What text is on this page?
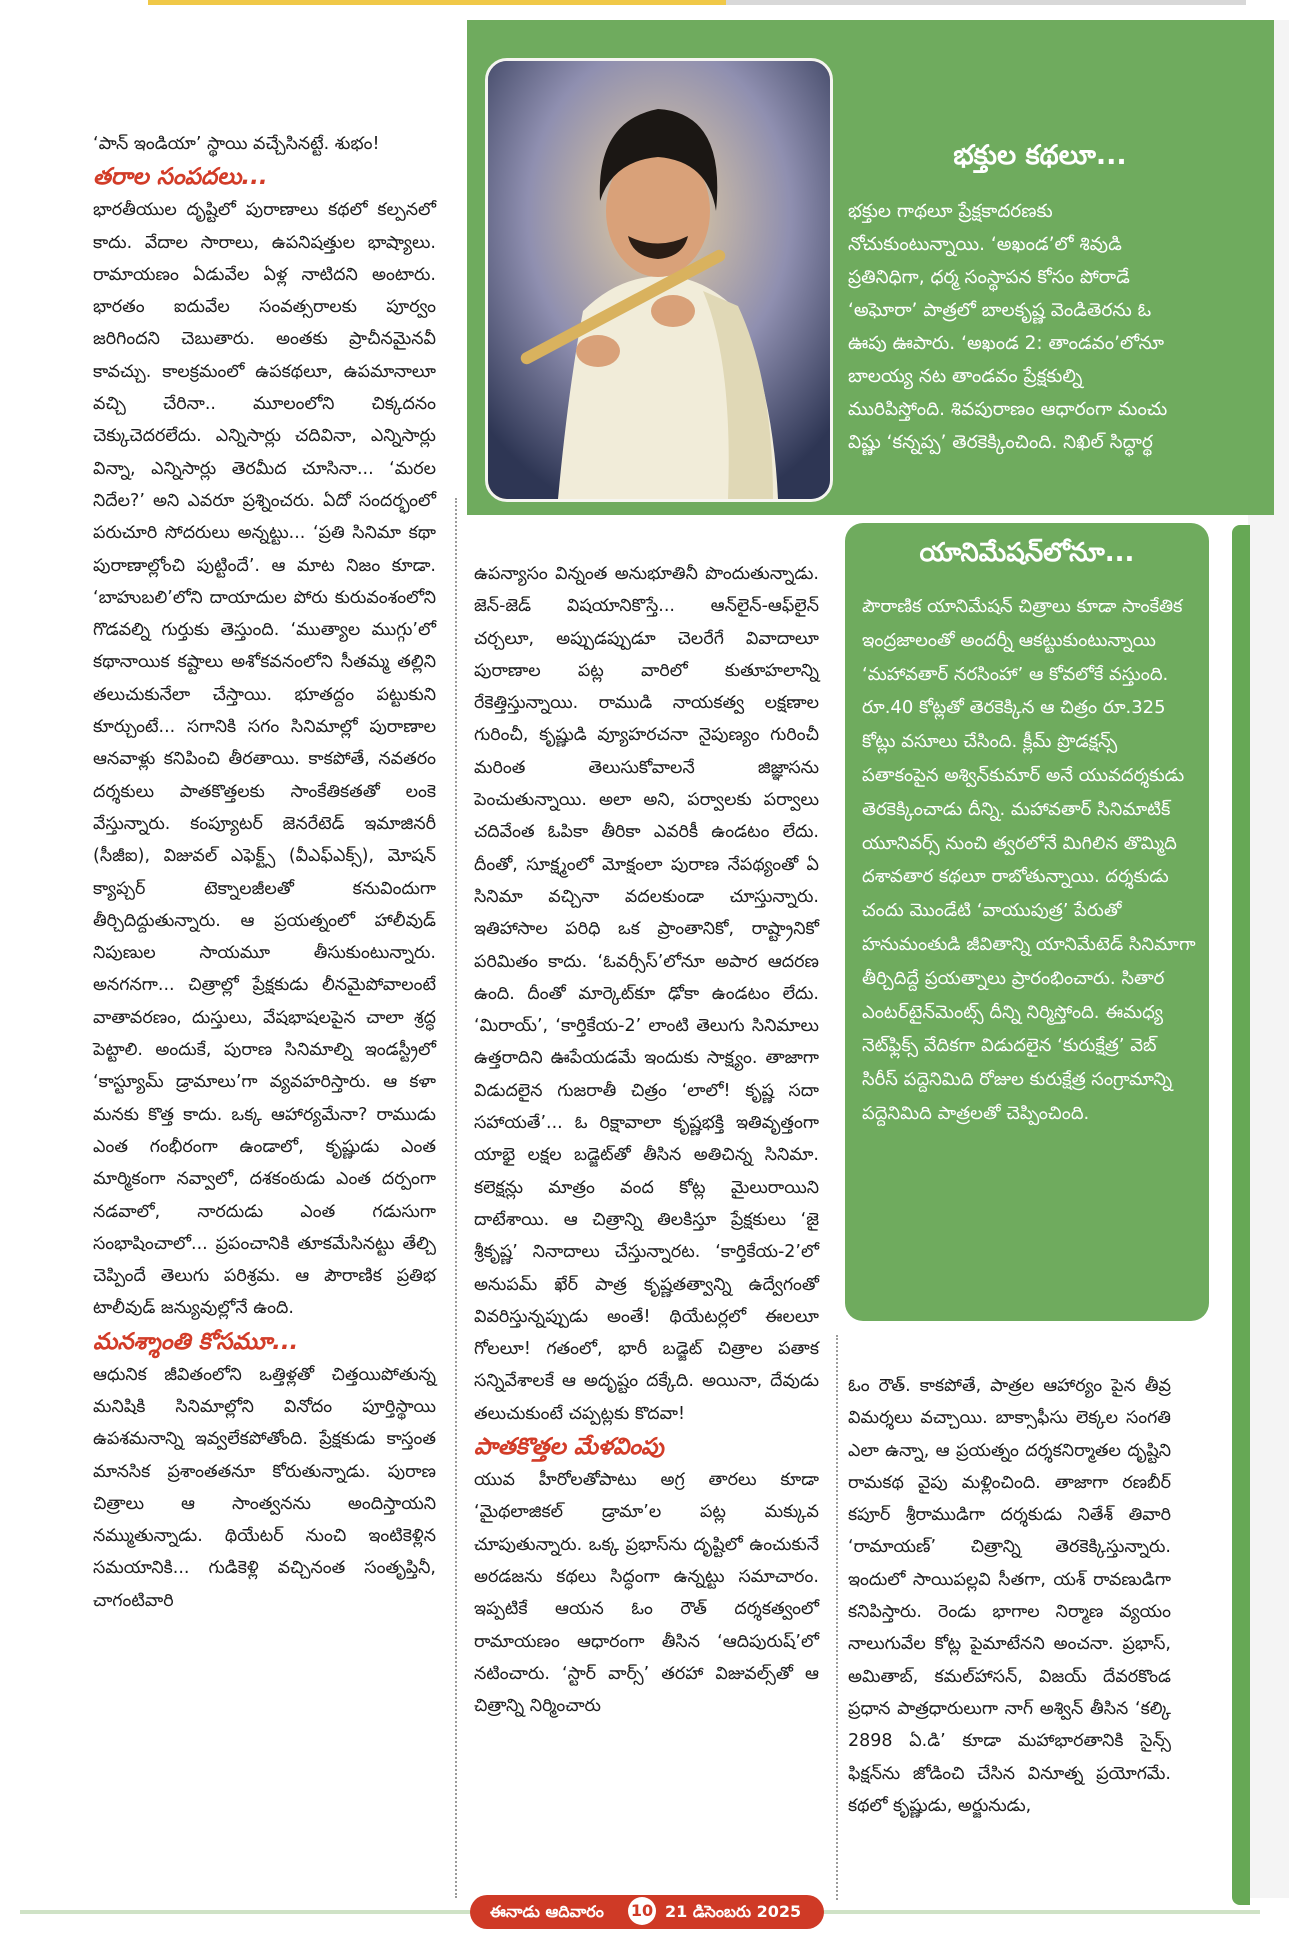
భక్తుల కథలూ...
భక్తుల గాథలూ ప్రేక్షకాదరణకు నోచుకుంటున్నాయి. ‘అఖండ’లో శివుడి ప్రతినిధిగా, ధర్మ సంస్థాపన కోసం పోరాడే ‘అఘోరా’ పాత్రలో బాలకృష్ణ వెండితెరను ఓ ఊపు ఊపారు. ‘అఖండ 2: తాండవం’లోనూ బాలయ్య నట తాండవం ప్రేక్షకుల్ని మురిపిస్తోంది. శివపురాణం ఆధారంగా మంచు విష్ణు ‘కన్నప్ప’ తెరకెక్కించింది. నిఖిల్ సిద్ధార్థ
యానిమేషన్‌లోనూ...
పౌరాణిక యానిమేషన్ చిత్రాలు కూడా సాంకేతిక ఇంద్రజాలంతో అందర్నీ ఆకట్టుకుంటున్నాయి ‘మహావతార్ నరసింహా’ ఆ కోవలోకే వస్తుంది. రూ.40 కోట్లతో తెరకెక్కిన ఆ చిత్రం రూ.325 కోట్లు వసూలు చేసింది. క్లీమ్ ప్రొడక్షన్స్ పతాకంపైన అశ్విన్‌కుమార్ అనే యువదర్శకుడు తెరకెక్కించాడు దీన్ని. మహావతార్ సినిమాటిక్ యూనివర్స్ నుంచి త్వరలోనే మిగిలిన తొమ్మిది దశావతార కథలూ రాబోతున్నాయి. దర్శకుడు చందు మొండేటి ‘వాయుపుత్ర’ పేరుతో హనుమంతుడి జీవితాన్ని యానిమేటెడ్ సినిమాగా తీర్చిదిద్దే ప్రయత్నాలు ప్రారంభించారు. సితార ఎంటర్‌టైన్‌మెంట్స్ దీన్ని నిర్మిస్తోంది. ఈమధ్య నెట్‌ఫ్లిక్స్ వేదికగా విడుదలైన ‘కురుక్షేత్ర’ వెబ్ సిరీస్ పద్దెనిమిది రోజుల కురుక్షేత్ర సంగ్రామాన్ని పద్దెనిమిది పాత్రలతో చెప్పించింది.
‘పాన్ ఇండియా’ స్థాయి వచ్చేసినట్టే. శుభం!
తరాల సంపదలు...
భారతీయుల దృష్టిలో పురాణాలు కథలో కల్పనలో కాదు. వేదాల సారాలు, ఉపనిషత్తుల భాష్యాలు. రామాయణం ఏడువేల ఏళ్ల నాటిదని అంటారు. భారతం ఐదువేల సంవత్సరాలకు పూర్వం జరిగిందని చెబుతారు. అంతకు ప్రాచీనమైనవీ కావచ్చు. కాలక్రమంలో ఉపకథలూ, ఉపమానాలూ వచ్చి చేరినా.. మూలంలోని చిక్కదనం చెక్కుచెదరలేదు. ఎన్నిసార్లు చదివినా, ఎన్నిసార్లు విన్నా, ఎన్నిసార్లు తెరమీద చూసినా... ‘మరల నిదేల?’ అని ఎవరూ ప్రశ్నించరు. ఏదో సందర్భంలో పరుచూరి సోదరులు అన్నట్టు... ‘ప్రతి సినిమా కథా పురాణాల్లోంచి పుట్టిందే’. ఆ మాట నిజం కూడా. ‘బాహుబలి’లోని దాయాదుల పోరు కురువంశంలోని గొడవల్ని గుర్తుకు తెస్తుంది. ‘ముత్యాల ముగ్గు’లో కథానాయిక కష్టాలు అశోకవనంలోని సీతమ్మ తల్లిని తలుచుకునేలా చేస్తాయి. భూతద్దం పట్టుకుని కూర్చుంటే... సగానికి సగం సినిమాల్లో పురాణాల ఆనవాళ్లు కనిపించి తీరతాయి. కాకపోతే, నవతరం దర్శకులు పాతకొత్తలకు సాంకేతికతతో లంకె వేస్తున్నారు. కంప్యూటర్ జెనరేటెడ్ ఇమాజినరీ (సీజీఐ), విజువల్ ఎఫెక్ట్స్ (వీఎఫ్ఎక్స్), మోషన్ క్యాప్చర్ టెక్నాలజీలతో కనువిందుగా తీర్చిదిద్దుతున్నారు. ఆ ప్రయత్నంలో హాలీవుడ్ నిపుణుల సాయమూ తీసుకుంటున్నారు. అనగనగా... చిత్రాల్లో ప్రేక్షకుడు లీనమైపోవాలంటే వాతావరణం, దుస్తులు, వేషభాషలపైన చాలా శ్రద్ధ పెట్టాలి. అందుకే, పురాణ సినిమాల్ని ఇండస్ట్రీలో ‘కాస్ట్యూమ్ డ్రామాలు’గా వ్యవహరిస్తారు. ఆ కళా మనకు కొత్త కాదు. ఒక్క ఆహార్యమేనా? రాముడు ఎంత గంభీరంగా ఉండాలో, కృష్ణుడు ఎంత మార్మికంగా నవ్వాలో, దశకంఠుడు ఎంత దర్పంగా నడవాలో, నారదుడు ఎంత గడుసుగా సంభాషించాలో... ప్రపంచానికి తూకమేసినట్టు తేల్చి చెప్పిందే తెలుగు పరిశ్రమ. ఆ పౌరాణిక ప్రతిభ టాలీవుడ్ జన్యువుల్లోనే ఉంది.
మనశ్శాంతి కోసమూ...
ఆధునిక జీవితంలోని ఒత్తిళ్లతో చిత్తయిపోతున్న మనిషికి సినిమాల్లోని వినోదం పూర్తిస్థాయి ఉపశమనాన్ని ఇవ్వలేకపోతోంది. ప్రేక్షకుడు కాస్తంత మానసిక ప్రశాంతతనూ కోరుతున్నాడు. పురాణ చిత్రాలు ఆ సాంత్వనను అందిస్తాయని నమ్ముతున్నాడు. థియేటర్ నుంచి ఇంటికెళ్లిన సమయానికి... గుడికెళ్లి వచ్చినంత సంతృప్తినీ, చాగంటివారి
ఉపన్యాసం విన్నంత అనుభూతినీ పొందుతున్నాడు. జెన్-జెడ్ విషయానికొస్తే... ఆన్‌లైన్-ఆఫ్‌లైన్ చర్చలూ, అప్పుడప్పుడూ చెలరేగే వివాదాలూ పురాణాల పట్ల వారిలో కుతూహలాన్ని రేకెత్తిస్తున్నాయి. రాముడి నాయకత్వ లక్షణాల గురించీ, కృష్ణుడి వ్యూహరచనా నైపుణ్యం గురించీ మరింత తెలుసుకోవాలనే జిజ్ఞాసను పెంచుతున్నాయి. అలా అని, పర్వాలకు పర్వాలు చదివేంత ఓపికా తీరికా ఎవరికీ ఉండటం లేదు. దీంతో, సూక్ష్మంలో మోక్షంలా పురాణ నేపథ్యంతో ఏ సినిమా వచ్చినా వదలకుండా చూస్తున్నారు. ఇతిహాసాల పరిధి ఒక ప్రాంతానికో, రాష్ట్రానికో పరిమితం కాదు. ‘ఓవర్సీస్’లోనూ అపార ఆదరణ ఉంది. దీంతో మార్కెట్‌కూ ఢోకా ఉండటం లేదు. ‘మిరాయ్’, ‘కార్తికేయ-2’ లాంటి తెలుగు సినిమాలు ఉత్తరాదిని ఊపేయడమే ఇందుకు సాక్ష్యం. తాజాగా విడుదలైన గుజరాతీ చిత్రం ‘లాలో! కృష్ణ సదా సహాయతే’... ఓ రిక్షావాలా కృష్ణభక్తి ఇతివృత్తంగా యాభై లక్షల బడ్జెట్‌తో తీసిన అతిచిన్న సినిమా. కలెక్షన్లు మాత్రం వంద కోట్ల మైలురాయిని దాటేశాయి. ఆ చిత్రాన్ని తిలకిస్తూ ప్రేక్షకులు ‘జై శ్రీకృష్ణ’ నినాదాలు చేస్తున్నారట. ‘కార్తికేయ-2’లో అనుపమ్ ఖేర్ పాత్ర కృష్ణతత్వాన్ని ఉద్వేగంతో వివరిస్తున్నప్పుడు అంతే! థియేటర్లలో ఈలలూ గోలలూ! గతంలో, భారీ బడ్జెట్ చిత్రాల పతాక సన్నివేశాలకే ఆ అదృష్టం దక్కేది. అయినా, దేవుడు తలుచుకుంటే చప్పట్లకు కొదవా!
పాతకొత్తల మేళవింపు
యువ హీరోలతోపాటు అగ్ర తారలు కూడా ‘మైథలాజికల్ డ్రామా’ల పట్ల మక్కువ చూపుతున్నారు. ఒక్క ప్రభాస్‌ను దృష్టిలో ఉంచుకునే అరడజను కథలు సిద్ధంగా ఉన్నట్టు సమాచారం. ఇప్పటికే ఆయన ఓం రౌత్ దర్శకత్వంలో రామాయణం ఆధారంగా తీసిన ‘ఆదిపురుష్’లో నటించారు. ‘స్టార్ వార్స్’ తరహా విజువల్స్‌తో ఆ చిత్రాన్ని నిర్మించారు
ఓం రౌత్. కాకపోతే, పాత్రల ఆహార్యం పైన తీవ్ర విమర్శలు వచ్చాయి. బాక్సాఫీసు లెక్కల సంగతి ఎలా ఉన్నా, ఆ ప్రయత్నం దర్శకనిర్మాతల దృష్టిని రామకథ వైపు మళ్లించింది. తాజాగా రణబీర్ కపూర్ శ్రీరాముడిగా దర్శకుడు నితేశ్ తివారి ‘రామాయణ్’ చిత్రాన్ని తెరకెక్కిస్తున్నారు. ఇందులో సాయిపల్లవి సీతగా, యశ్ రావణుడిగా కనిపిస్తారు. రెండు భాగాల నిర్మాణ వ్యయం నాలుగువేల కోట్ల పైమాటేనని అంచనా. ప్రభాస్, అమితాబ్, కమల్‌హాసన్, విజయ్ దేవరకొండ ప్రధాన పాత్రధారులుగా నాగ్ అశ్విన్ తీసిన ‘కల్కి 2898 ఏ.డి’ కూడా మహాభారతానికి సైన్స్ ఫిక్షన్‌ను జోడించి చేసిన వినూత్న ప్రయోగమే. కథలో కృష్ణుడు, అర్జునుడు,
ఈనాడు ఆదివారం	10 21 డిసెంబరు 2025
